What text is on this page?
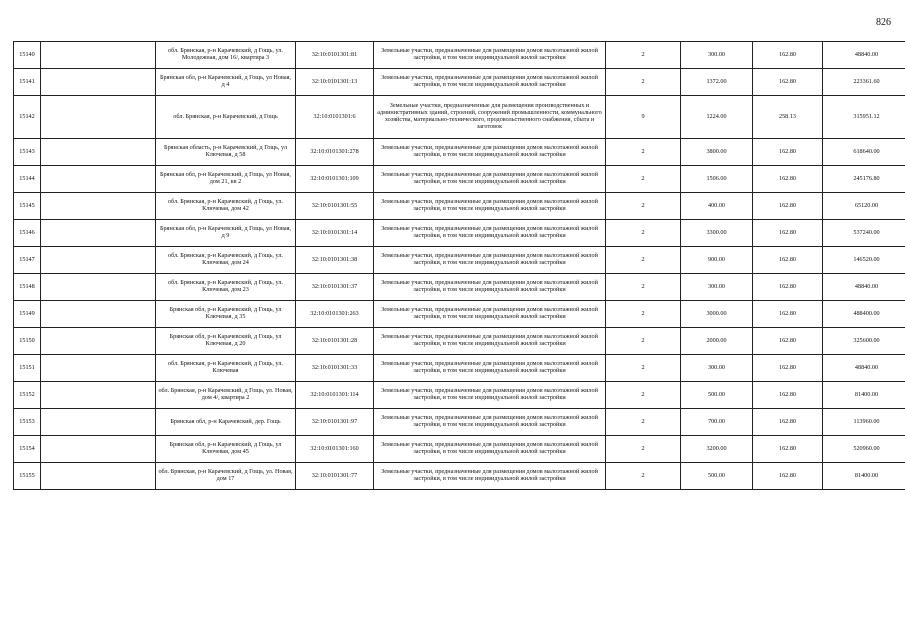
826
15140		обл. Брянская, р-н Карачевский, д Гощь, ул. Молодежная, дом 16/, квартира 3	32:10:0101301:81	Земельные участки, предназначенные для размещения домов малоэтажной жилой застройки, в том числе индивидуальной жилой застройки	2	300.00	162.80	48840.00
15141		Брянская обл, р-н Карачевский, д Гощь, ул Новая, д 4	32:10:0101301:13	Земельные участки, предназначенные для размещения домов малоэтажной жилой застройки, в том числе индивидуальной жилой застройки	2	1372.00	162.80	223361.60
15142		обл. Брянская, р-н Карачевский, д Гощь	32:10:0101301:6	Земельные участки, предназначенные для размещения производственных и административных зданий, строений, сооружений промышленности, коммунального хозяйства, материально-технического, продовольственного снабжения, сбыта и заготовок	9	1224.00	258.13	315951.12
15143		Брянская область, р-н Карачевский, д Гощь, ул Ключевая, д 58	32:10:0101301:278	Земельные участки, предназначенные для размещения домов малоэтажной жилой застройки, в том числе индивидуальной жилой застройки	2	3800.00	162.80	618640.00
15144		Брянская обл, р-н Карачевский, д Гощь, ул Новая, дом 21, кв 2	32:10:0101301:109	Земельные участки, предназначенные для размещения домов малоэтажной жилой застройки, в том числе индивидуальной жилой застройки	2	1506.00	162.80	245176.80
15145		обл. Брянская, р-н Карачевский, д Гощь, ул. Ключевая, дом 42	32:10:0101301:55	Земельные участки, предназначенные для размещения домов малоэтажной жилой застройки, в том числе индивидуальной жилой застройки	2	400.00	162.80	65120.00
15146		Брянская обл, р-н Карачевский, д Гощь, ул Новая, д 9	32:10:0101301:14	Земельные участки, предназначенные для размещения домов малоэтажной жилой застройки, в том числе индивидуальной жилой застройки	2	3300.00	162.80	537240.00
15147		обл. Брянская, р-н Карачевский, д Гощь, ул. Ключевая, дом 24	32:10:0101301:38	Земельные участки, предназначенные для размещения домов малоэтажной жилой застройки, в том числе индивидуальной жилой застройки	2	900.00	162.80	146520.00
15148		обл. Брянская, р-н Карачевский, д Гощь, ул. Ключевая, дом 23	32:10:0101301:37	Земельные участки, предназначенные для размещения домов малоэтажной жилой застройки, в том числе индивидуальной жилой застройки	2	300.00	162.80	48840.00
15149		Брянская обл, р-н Карачевский, д Гощь, ул Ключевая, д 35	32:10:0101301:263	Земельные участки, предназначенные для размещения домов малоэтажной жилой застройки, в том числе индивидуальной жилой застройки	2	3000.00	162.80	488400.00
15150		Брянская обл, р-н Карачевский, д Гощь, ул Ключевая, д 20	32:10:0101301:28	Земельные участки, предназначенные для размещения домов малоэтажной жилой застройки, в том числе индивидуальной жилой застройки	2	2000.00	162.80	325600.00
15151		обл. Брянская, р-н Карачевский, д Гощь, ул. Ключевая	32:10:0101301:33	Земельные участки, предназначенные для размещения домов малоэтажной жилой застройки, в том числе индивидуальной жилой застройки	2	300.00	162.80	48840.00
15152		обл. Брянская, р-н Карачевский, д Гощь, ул. Новая, дом 4/, квартира 2	32:10:0101301:114	Земельные участки, предназначенные для размещения домов малоэтажной жилой застройки, в том числе индивидуальной жилой застройки	2	500.00	162.80	81400.00
15153		Брянская обл, р-н Карачевский, дер. Гощь	32:10:0101301:97	Земельные участки, предназначенные для размещения домов малоэтажной жилой застройки, в том числе индивидуальной жилой застройки	2	700.00	162.80	113960.00
15154		Брянская обл, р-н Карачевский, д Гощь, ул Ключевая, дом 45	32:10:0101301:160	Земельные участки, предназначенные для размещения домов малоэтажной жилой застройки, в том числе индивидуальной жилой застройки	2	3200.00	162.80	520960.00
15155		обл. Брянская, р-н Карачевский, д Гощь, ул. Новая, дом 17	32:10:0101301:77	Земельные участки, предназначенные для размещения домов малоэтажной жилой застройки, в том числе индивидуальной жилой застройки	2	500.00	162.80	81400.00
